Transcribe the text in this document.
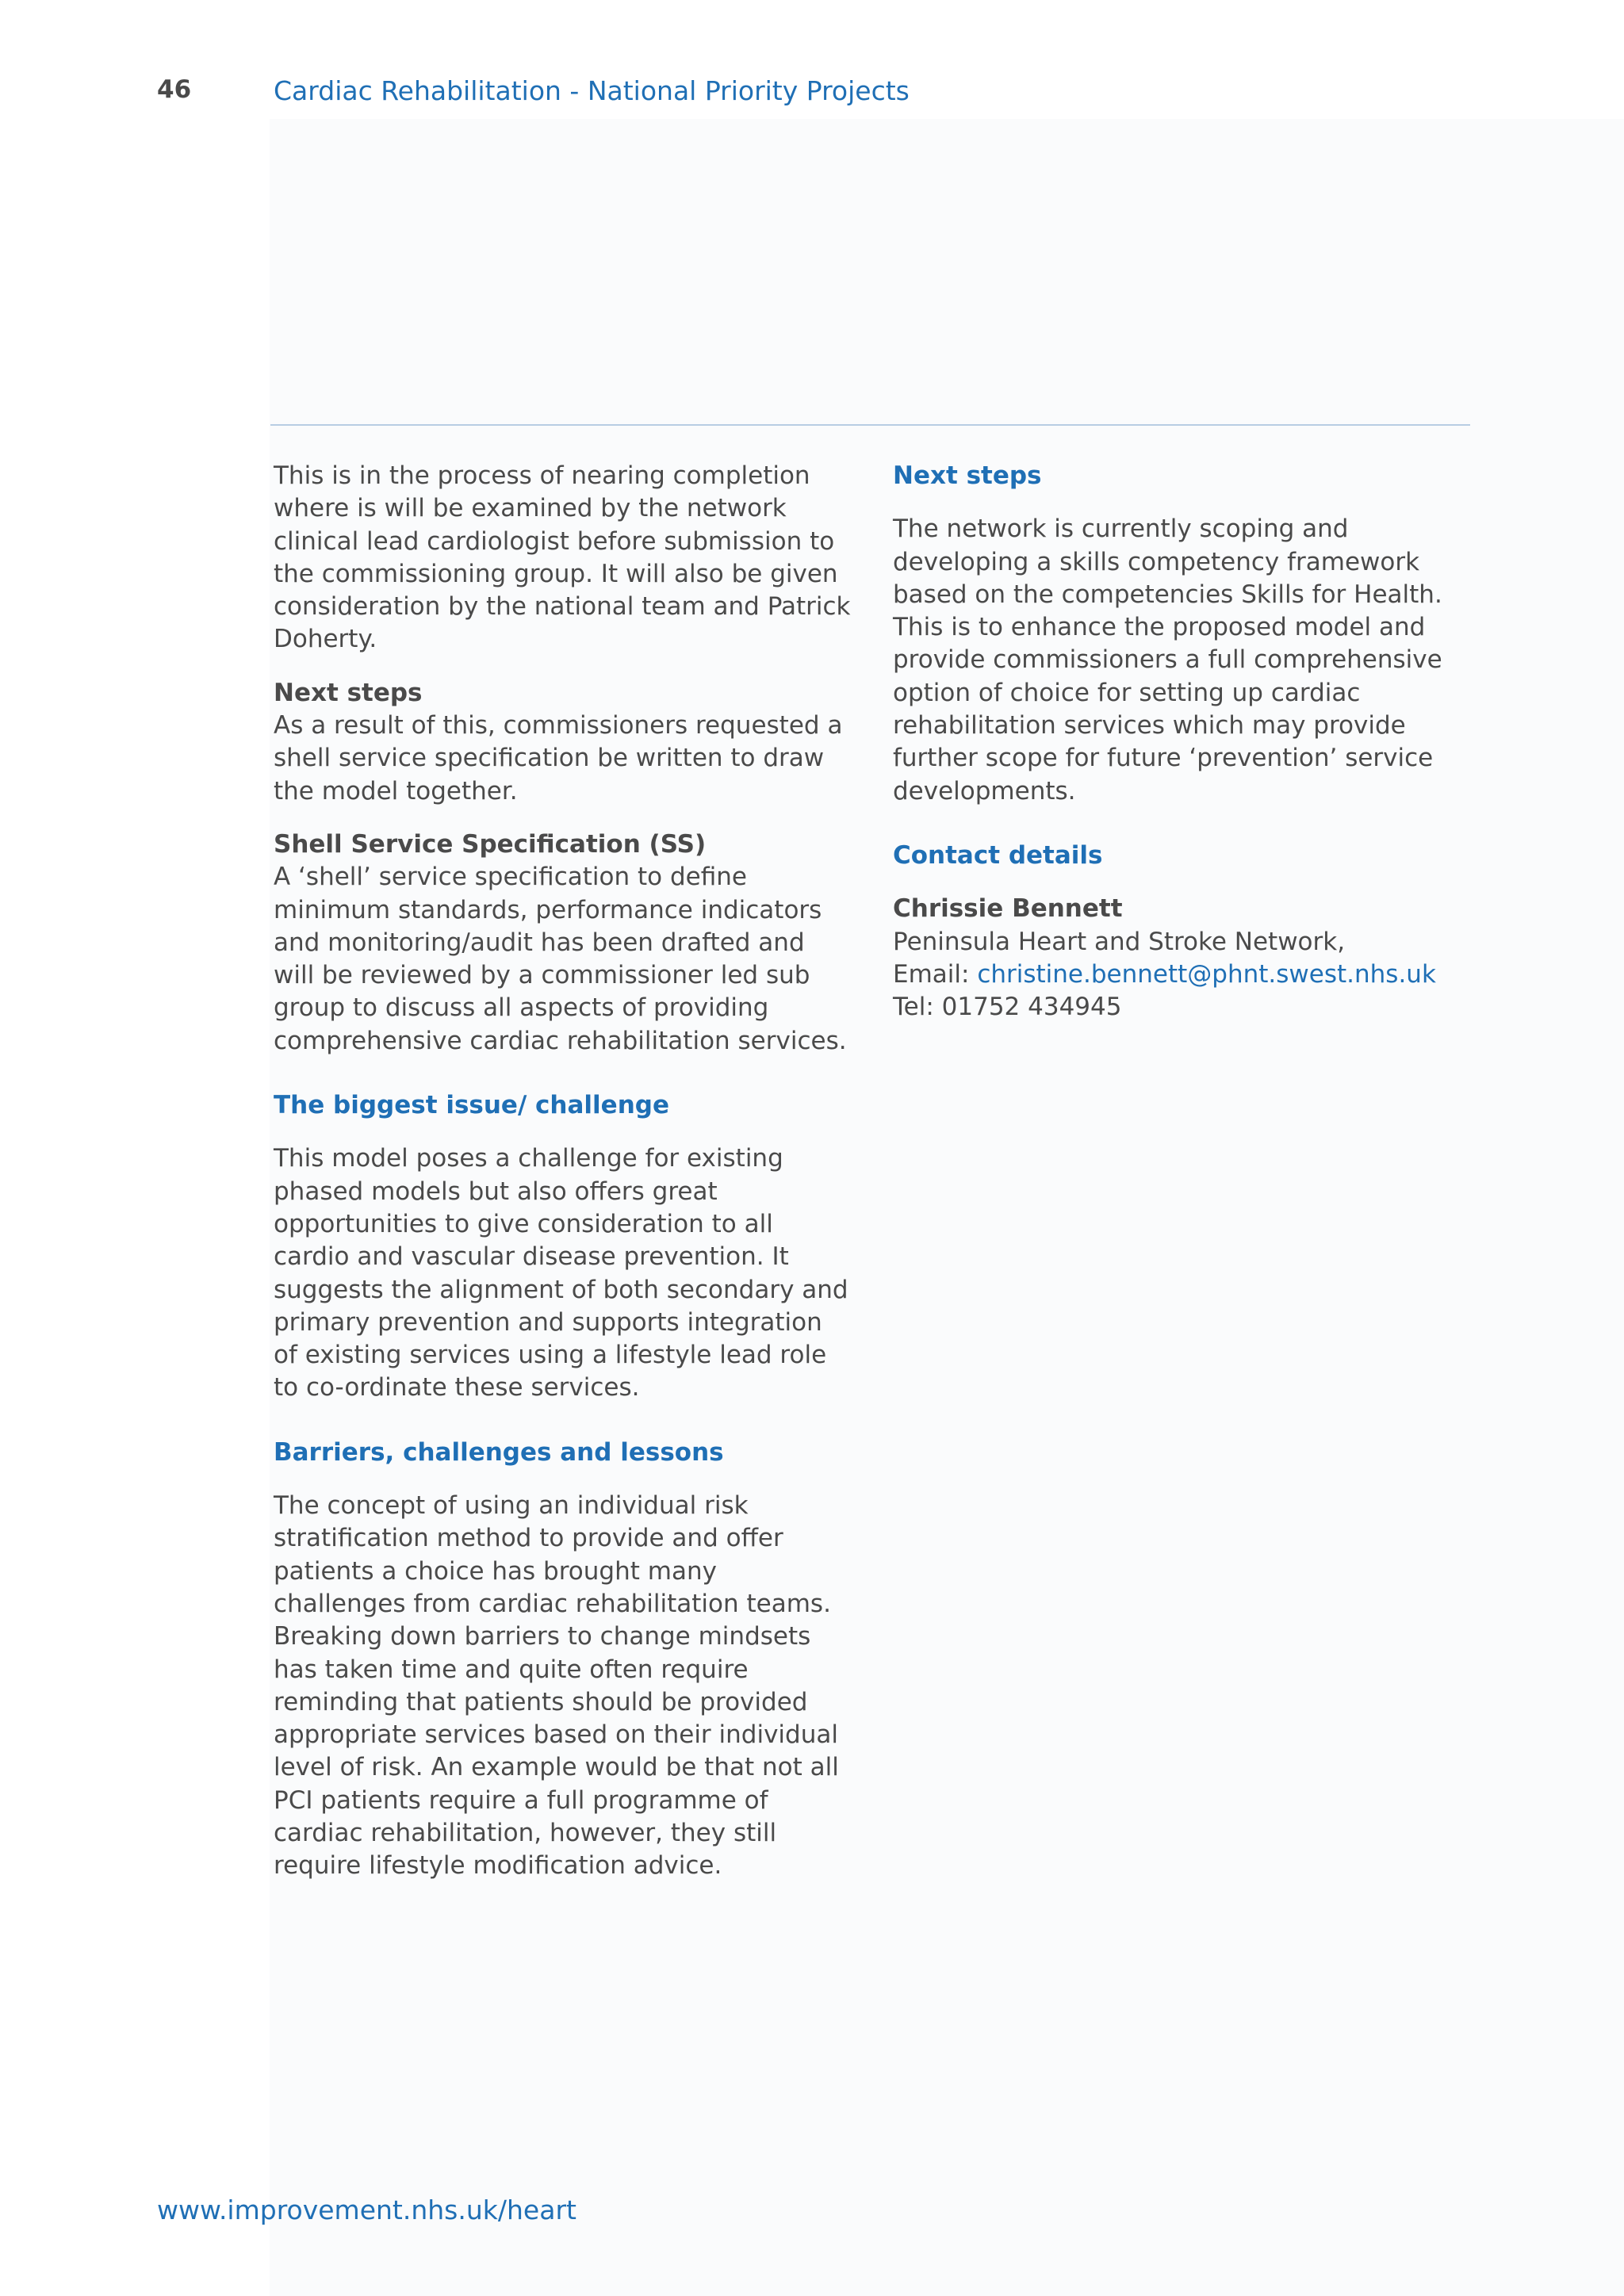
46	Cardiac Rehabilitation - National Priority Projects

This is in the process of nearing completion where is will be examined by the network clinical lead cardiologist before submission to the commissioning group. It will also be given consideration by the national team and Patrick Doherty.

Next steps

As a result of this, commissioners requested a shell service specification be written to draw the model together.

Shell Service Specification (SS)

A ‘shell’ service specification to define minimum standards, performance indicators and monitoring/audit has been drafted and will be reviewed by a commissioner led sub group to discuss all aspects of providing comprehensive cardiac rehabilitation services.

The biggest issue/ challenge

This model poses a challenge for existing phased models but also offers great opportunities to give consideration to all cardio and vascular disease prevention. It suggests the alignment of both secondary and primary prevention and supports integration of existing services using a lifestyle lead role to co-ordinate these services.

Barriers, challenges and lessons

The concept of using an individual risk stratification method to provide and offer patients a choice has brought many challenges from cardiac rehabilitation teams. Breaking down barriers to change mindsets has taken time and quite often require reminding that patients should be provided appropriate services based on their individual level of risk. An example would be that not all PCI patients require a full programme of cardiac rehabilitation, however, they still require lifestyle modification advice.

Next steps

The network is currently scoping and developing a skills competency framework based on the competencies Skills for Health. This is to enhance the proposed model and provide commissioners a full comprehensive option of choice for setting up cardiac rehabilitation services which may provide further scope for future ‘prevention’ service developments.

Contact details

Chrissie Bennett

Peninsula Heart and Stroke Network,

Email: christine.bennett@phnt.swest.nhs.uk

Tel: 01752 434945

www.improvement.nhs.uk/heart
